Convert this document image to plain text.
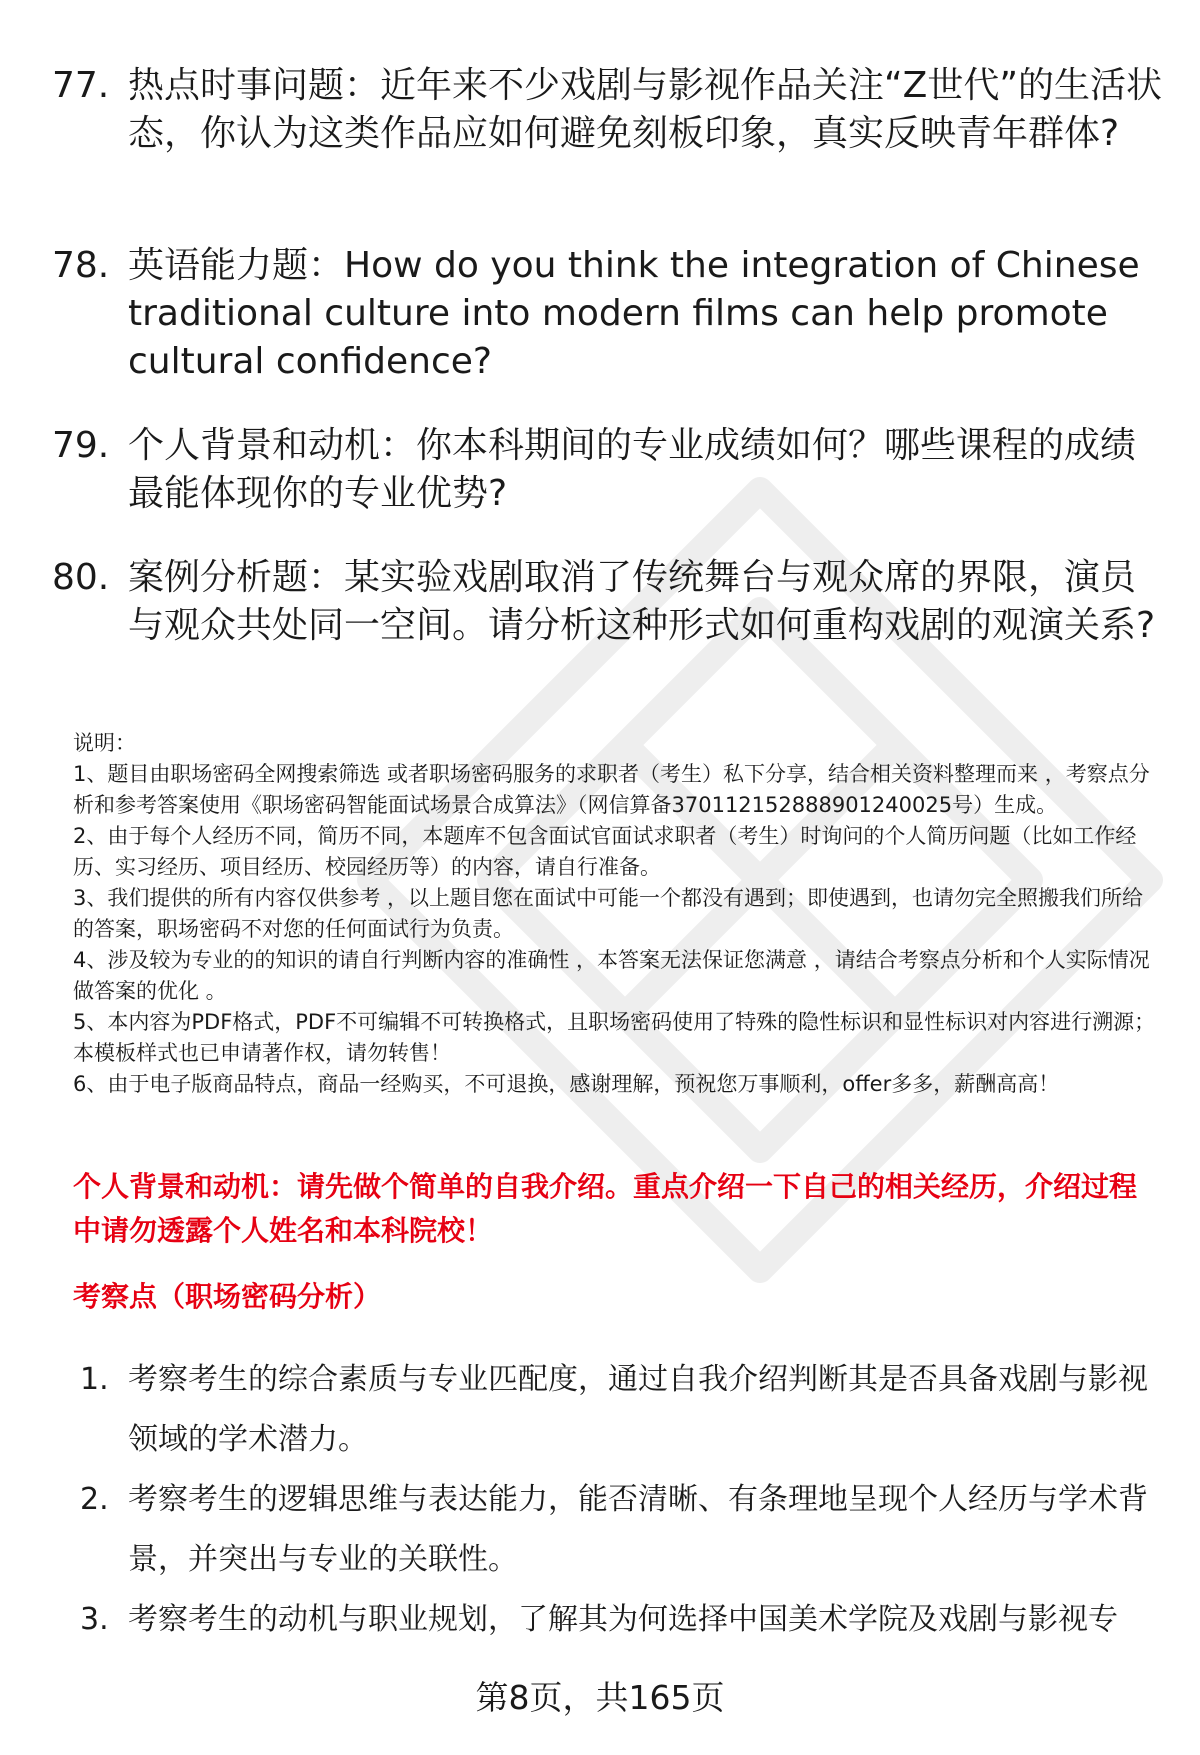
77. 热点时事问题：近年来不少戏剧与影视作品关注“Z世代”的生活状态，你认为这类作品应如何避免刻板印象，真实反映青年群体?
78. 英语能力题：How do you think the integration of Chinese traditional culture into modern films can help promote cultural confidence?
79. 个人背景和动机：你本科期间的专业成绩如何？哪些课程的成绩最能体现你的专业优势?
80. 案例分析题：某实验戏剧取消了传统舞台与观众席的界限，演员与观众共处同一空间。请分析这种形式如何重构戏剧的观演关系?

说明：

1、题目由职场密码全网搜索筛选 或者职场密码服务的求职者（考生）私下分享，结合相关资料整理而来 ，考察点分析和参考答案使用《职场密码智能面试场景合成算法》（网信算备370112152888901240025号）生成。

2、由于每个人经历不同，简历不同，本题库不包含面试官面试求职者（考生）时询问的个人简历问题（比如工作经历、实习经历、项目经历、校园经历等）的内容，请自行准备。

3、我们提供的所有内容仅供参考 ，以上题目您在面试中可能一个都没有遇到；即使遇到，也请勿完全照搬我们所给的答案，职场密码不对您的任何面试行为负责。

4、涉及较为专业的的知识的请自行判断内容的准确性 ，本答案无法保证您满意 ，请结合考察点分析和个人实际情况做答案的优化 。

5、本内容为PDF格式，PDF不可编辑不可转换格式，且职场密码使用了特殊的隐性标识和显性标识对内容进行溯源；本模板样式也已申请著作权，请勿转售！

6、由于电子版商品特点，商品一经购买，不可退换，感谢理解，预祝您万事顺利，offer多多，薪酬高高！

个人背景和动机：请先做个简单的自我介绍。重点介绍一下自己的相关经历，介绍过程中请勿透露个人姓名和本科院校！
考察点（职场密码分析）
1. 考察考生的综合素质与专业匹配度，通过自我介绍判断其是否具备戏剧与影视领域的学术潜力。
2. 考察考生的逻辑思维与表达能力，能否清晰、有条理地呈现个人经历与学术背景，并突出与专业的关联性。
3. 考察考生的动机与职业规划，了解其为何选择中国美术学院及戏剧与影视专
第8页，共165页
